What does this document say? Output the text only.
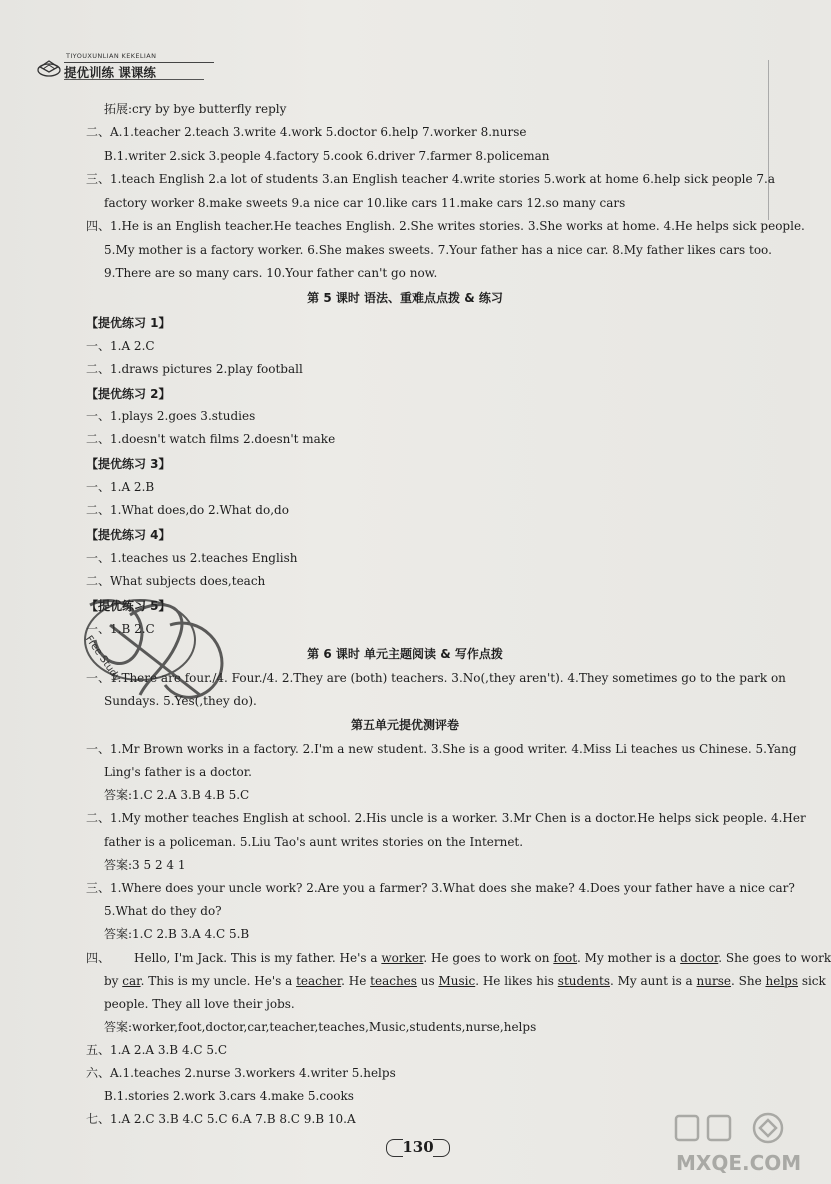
TIYOUXUNLIAN KEKELIAN
提优训练 课课练
拓展:cry by bye butterfly reply
二、A.1.teacher 2.teach 3.write 4.work 5.doctor 6.help 7.worker 8.nurse
B.1.writer 2.sick 3.people 4.factory 5.cook 6.driver 7.farmer 8.policeman
三、1.teach English 2.a lot of students 3.an English teacher 4.write stories 5.work at home 6.help sick people 7.a
factory worker 8.make sweets 9.a nice car 10.like cars 11.make cars 12.so many cars
四、1.He is an English teacher.He teaches English. 2.She writes stories. 3.She works at home. 4.He helps sick people.
5.My mother is a factory worker. 6.She makes sweets. 7.Your father has a nice car. 8.My father likes cars too.
9.There are so many cars. 10.Your father can't go now.
第 5 课时 语法、重难点点拨 & 练习
【提优练习 1】
一、1.A 2.C
二、1.draws pictures 2.play football
【提优练习 2】
一、1.plays 2.goes 3.studies
二、1.doesn't watch films 2.doesn't make
【提优练习 3】
一、1.A 2.B
二、1.What does,do 2.What do,do
【提优练习 4】
一、1.teaches us 2.teaches English
二、What subjects does,teach
【提优练习 5】
一、1.B 2.C
第 6 课时 单元主题阅读 & 写作点拨
一、1.There are four./4. Four./4. 2.They are (both) teachers. 3.No(,they aren't). 4.They sometimes go to the park on
Sundays. 5.Yes(,they do).
第五单元提优测评卷
一、1.Mr Brown works in a factory. 2.I'm a new student. 3.She is a good writer. 4.Miss Li teaches us Chinese. 5.Yang
Ling's father is a doctor.
答案:1.C 2.A 3.B 4.B 5.C
二、1.My mother teaches English at school. 2.His uncle is a worker. 3.Mr Chen is a doctor.He helps sick people. 4.Her
father is a policeman. 5.Liu Tao's aunt writes stories on the Internet.
答案:3 5 2 4 1
三、1.Where does your uncle work? 2.Are you a farmer? 3.What does she make? 4.Does your father have a nice car?
5.What do they do?
答案:1.C 2.B 3.A 4.C 5.B
四、 Hello, I'm Jack. This is my father. He's a worker. He goes to work on foot. My mother is a doctor. She goes to work
by car. This is my uncle. He's a teacher. He teaches us Music. He likes his students. My aunt is a nurse. She helps sick
people. They all love their jobs.
答案:worker,foot,doctor,car,teacher,teaches,Music,students,nurse,helps
五、1.A 2.A 3.B 4.C 5.C
六、A.1.teaches 2.nurse 3.workers 4.writer 5.helps
B.1.stories 2.work 3.cars 4.make 5.cooks
七、1.A 2.C 3.B 4.C 5.C 6.A 7.B 8.C 9.B 10.A
130
Free Study
MXQE.COM
